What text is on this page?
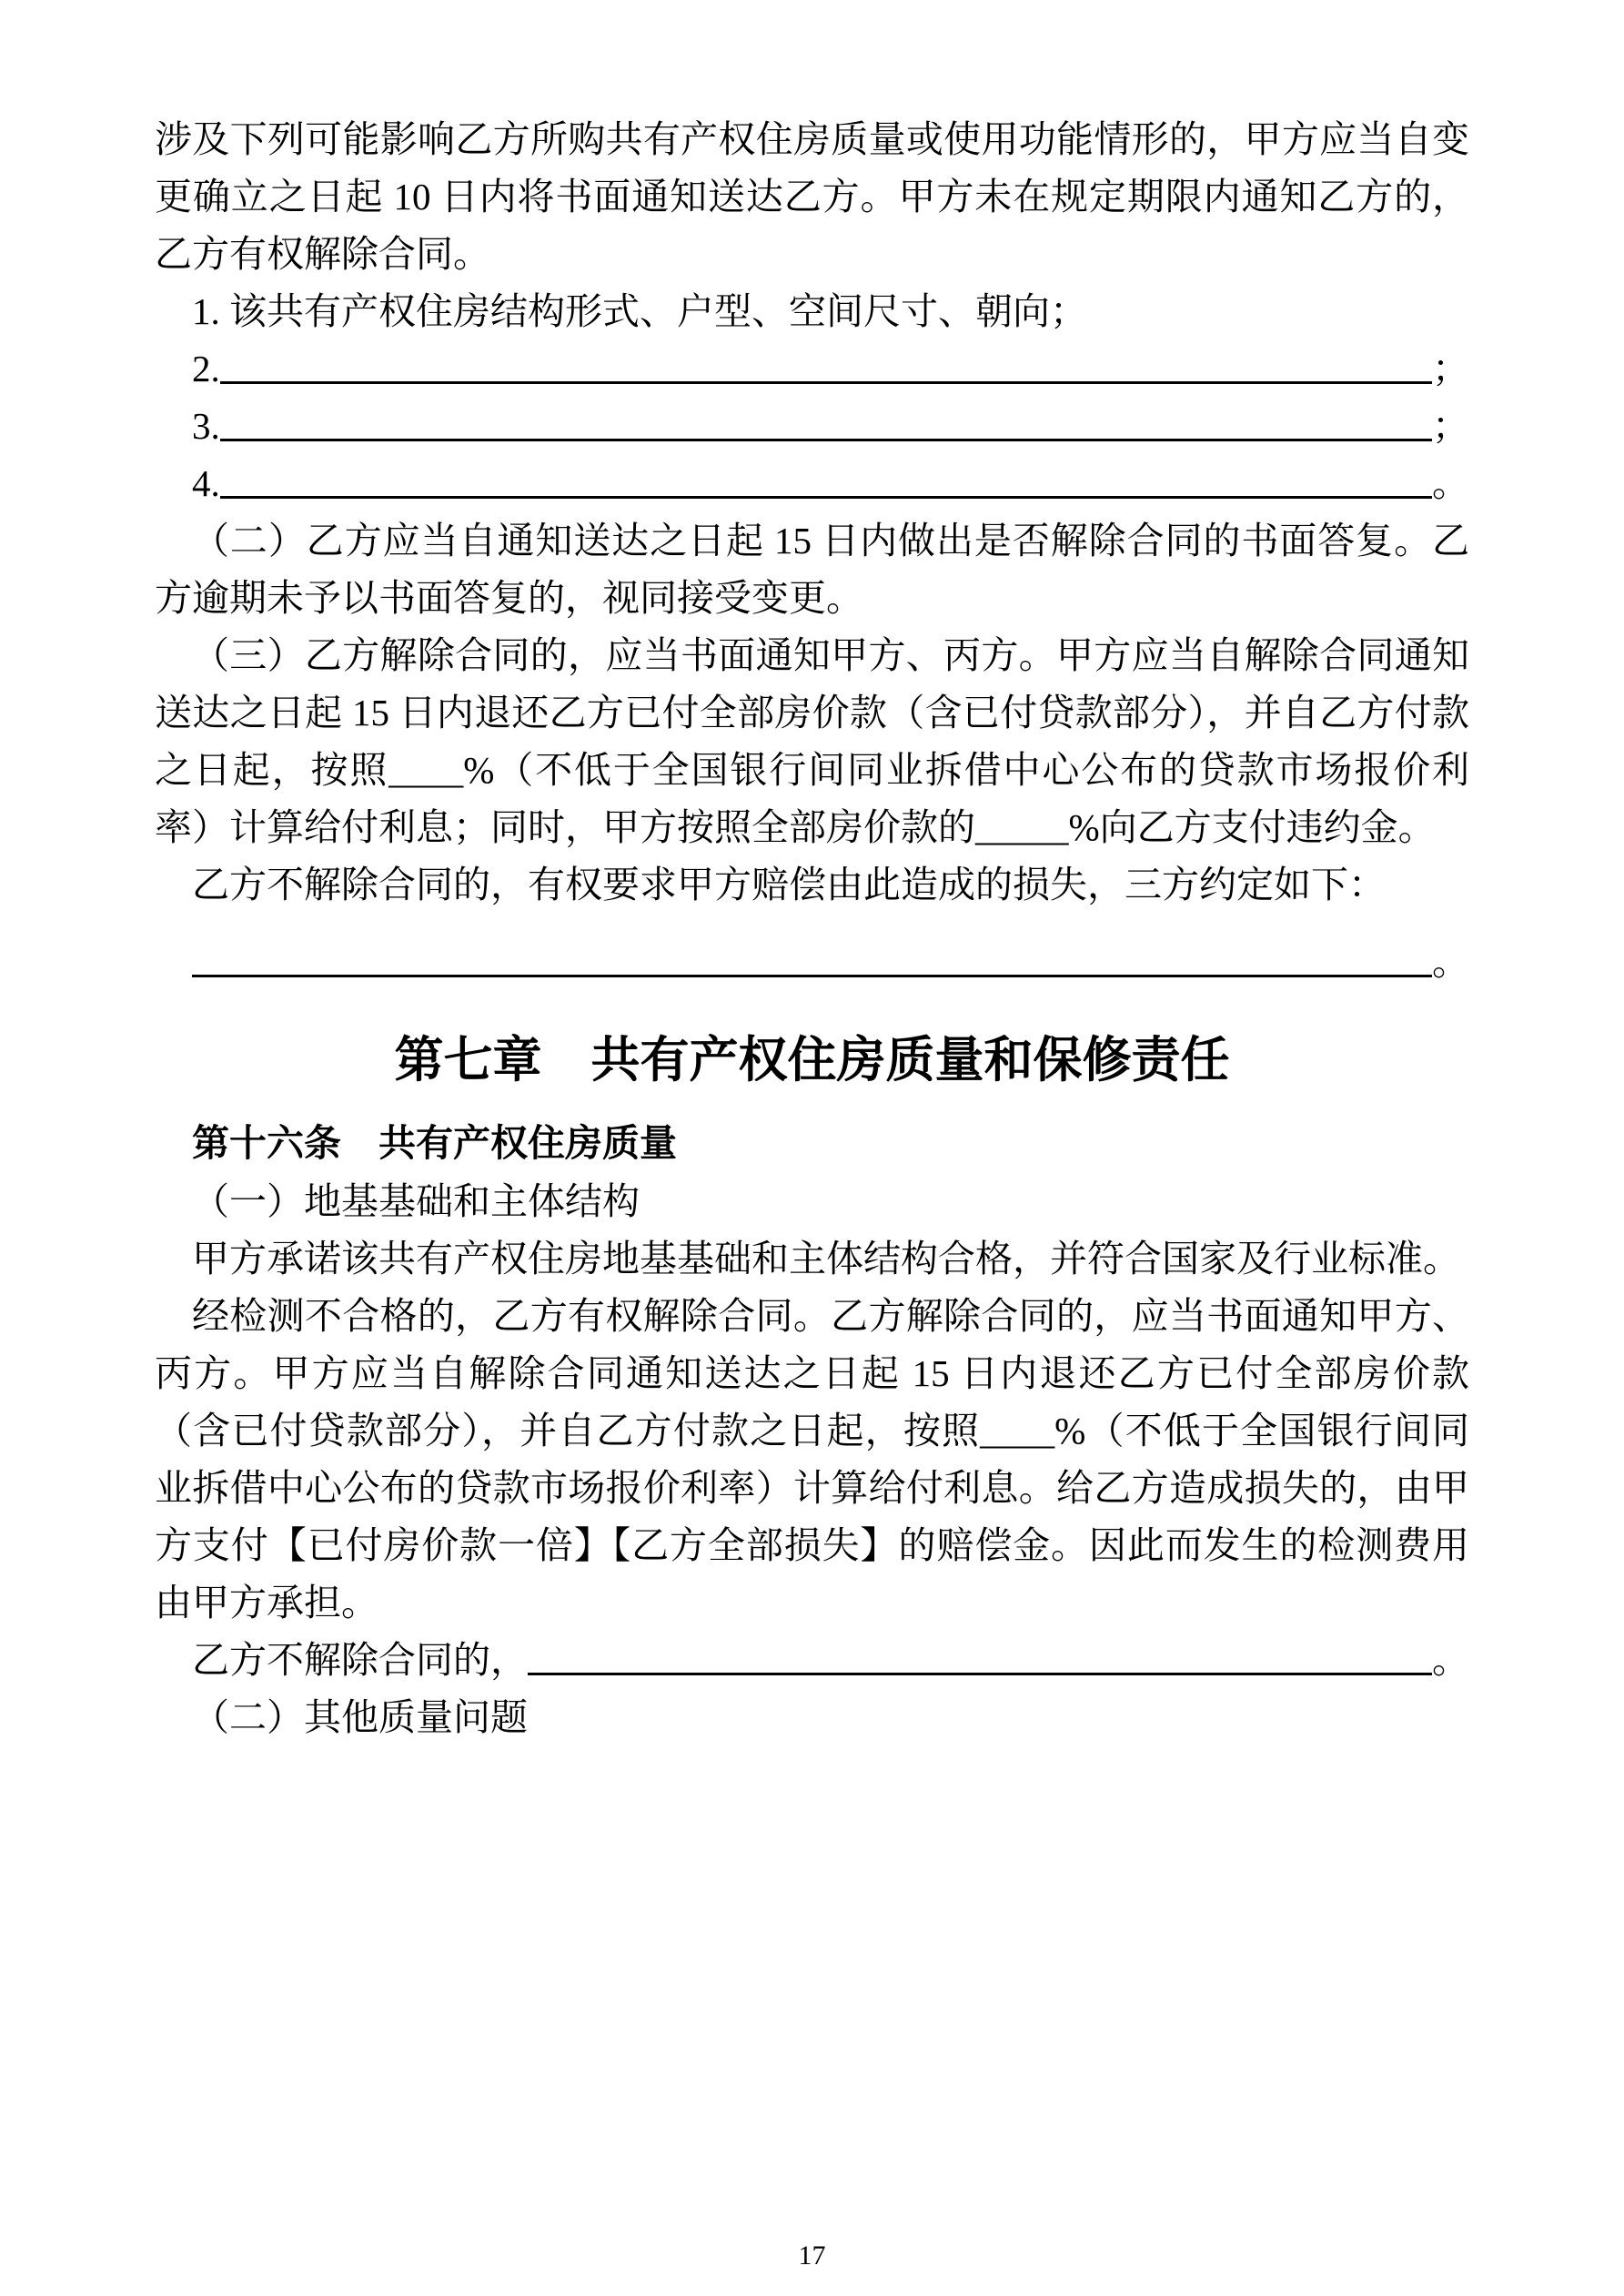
涉及下列可能影响乙方所购共有产权住房质量或使用功能情形的，甲方应当自变更确立之日起 10 日内将书面通知送达乙方。甲方未在规定期限内通知乙方的，乙方有权解除合同。

1. 该共有产权住房结构形式、户型、空间尺寸、朝向；

2.	；
3.	；
4.	。

（二）乙方应当自通知送达之日起 15 日内做出是否解除合同的书面答复。乙方逾期未予以书面答复的，视同接受变更。

（三）乙方解除合同的，应当书面通知甲方、丙方。甲方应当自解除合同通知送达之日起 15 日内退还乙方已付全部房价款（含已付贷款部分），并自乙方付款之日起，按照____%（不低于全国银行间同业拆借中心公布的贷款市场报价利率）计算给付利息；同时，甲方按照全部房价款的_____%向乙方支付违约金。

乙方不解除合同的，有权要求甲方赔偿由此造成的损失，三方约定如下：

。
第七章　共有产权住房质量和保修责任
第十六条　共有产权住房质量

（一）地基基础和主体结构

甲方承诺该共有产权住房地基基础和主体结构合格，并符合国家及行业标准。

经检测不合格的，乙方有权解除合同。乙方解除合同的，应当书面通知甲方、丙方。甲方应当自解除合同通知送达之日起 15 日内退还乙方已付全部房价款（含已付贷款部分），并自乙方付款之日起，按照____%（不低于全国银行间同业拆借中心公布的贷款市场报价利率）计算给付利息。给乙方造成损失的，由甲方支付【已付房价款一倍】【乙方全部损失】的赔偿金。因此而发生的检测费用由甲方承担。

乙方不解除合同的，	。

（二）其他质量问题

17
